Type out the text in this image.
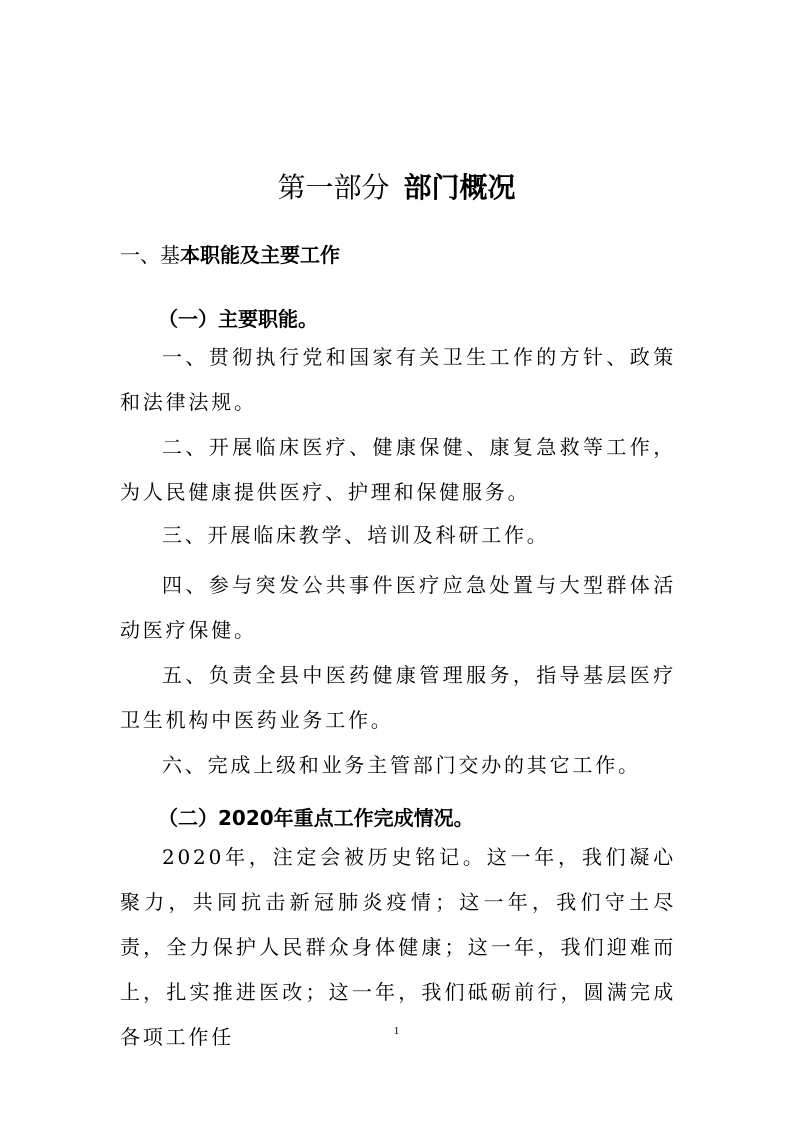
第一部分 部门概况
一、基本职能及主要工作
（一）主要职能。

一、贯彻执行党和国家有关卫生工作的方针、政策和法律法规。

二、开展临床医疗、健康保健、康复急救等工作，为人民健康提供医疗、护理和保健服务。

三、开展临床教学、培训及科研工作。

四、参与突发公共事件医疗应急处置与大型群体活动医疗保健。

五、负责全县中医药健康管理服务，指导基层医疗卫生机构中医药业务工作。

六、完成上级和业务主管部门交办的其它工作。

（二）2020年重点工作完成情况。

2020年，注定会被历史铭记。这一年，我们凝心聚力，共同抗击新冠肺炎疫情；这一年，我们守土尽责，全力保护人民群众身体健康；这一年，我们迎难而上，扎实推进医改；这一年，我们砥砺前行，圆满完成各项工作任	1
